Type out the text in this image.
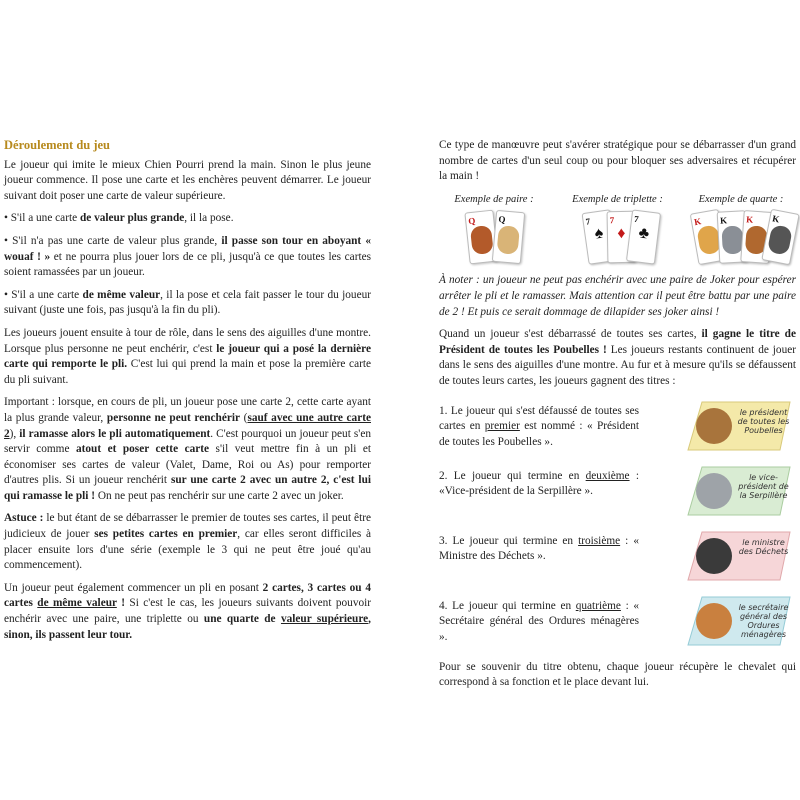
Déroulement du jeu

Le joueur qui imite le mieux Chien Pourri prend la main. Sinon le plus jeune joueur commence. Il pose une carte et les enchères peuvent démarrer. Le joueur suivant doit poser une carte de valeur supérieure.

• S'il a une carte de valeur plus grande, il la pose.

• S'il n'a pas une carte de valeur plus grande, il passe son tour en aboyant « wouaf ! » et ne pourra plus jouer lors de ce pli, jusqu'à ce que toutes les cartes soient ramassées par un joueur.

• S'il a une carte de même valeur, il la pose et cela fait passer le tour du joueur suivant (juste une fois, pas jusqu'à la fin du pli).

Les joueurs jouent ensuite à tour de rôle, dans le sens des aiguilles d'une montre. Lorsque plus personne ne peut enchérir, c'est le joueur qui a posé la dernière carte qui remporte le pli. C'est lui qui prend la main et pose la première carte du pli suivant.

Important : lorsque, en cours de pli, un joueur pose une carte 2, cette carte ayant la plus grande valeur, personne ne peut renchérir (sauf avec une autre carte 2), il ramasse alors le pli automatiquement. C'est pourquoi un joueur peut s'en servir comme atout et poser cette carte s'il veut mettre fin à un pli et économiser ses cartes de valeur (Valet, Dame, Roi ou As) pour remporter d'autres plis. Si un joueur renchérit sur une carte 2 avec un autre 2, c'est lui qui ramasse le pli ! On ne peut pas renchérir sur une carte 2 avec un joker.

Astuce : le but étant de se débarrasser le premier de toutes ses cartes, il peut être judicieux de jouer ses petites cartes en premier, car elles seront difficiles à placer ensuite lors d'une série (exemple le 3 qui ne peut être joué qu'au commencement).

Un joueur peut également commencer un pli en posant 2 cartes, 3 cartes ou 4 cartes de même valeur ! Si c'est le cas, les joueurs suivants doivent pouvoir enchérir avec une paire, une triplette ou une quarte de valeur supérieure, sinon, ils passent leur tour.

Ce type de manœuvre peut s'avérer stratégique pour se débarrasser d'un grand nombre de cartes d'un seul coup ou pour bloquer ses adversaires et récupérer la main !

Exemple de paire :
Q Q
Exemple de triplette :
7
♠
7
♦
7
♣
Exemple de quarte :
K K K K

À noter : un joueur ne peut pas enchérir avec une paire de Joker pour espérer arrêter le pli et le ramasser. Mais attention car il peut être battu par une paire de 2 ! Et puis ce serait dommage de dilapider ses joker ainsi !

Quand un joueur s'est débarrassé de toutes ses cartes, il gagne le titre de Président de toutes les Poubelles ! Les joueurs restants continuent de jouer dans le sens des aiguilles d'une montre. Au fur et à mesure qu'ils se défaussent de toutes leurs cartes, les joueurs gagnent des titres :

1. Le joueur qui s'est défaussé de toutes ses cartes en premier est nommé : « Président de toutes les Poubelles ».
le président de toutes les Poubelles
2. Le joueur qui termine en deuxième : «Vice-président de la Serpillère ».
le vice-président de la Serpillère
3. Le joueur qui termine en troisième : « Ministre des Déchets ».
le ministre des Déchets
4. Le joueur qui termine en quatrième : « Secrétaire général des Ordures ménagères ».
le secrétaire général des Ordures ménagères

Pour se souvenir du titre obtenu, chaque joueur récupère le chevalet qui correspond à sa fonction et le place devant lui.
